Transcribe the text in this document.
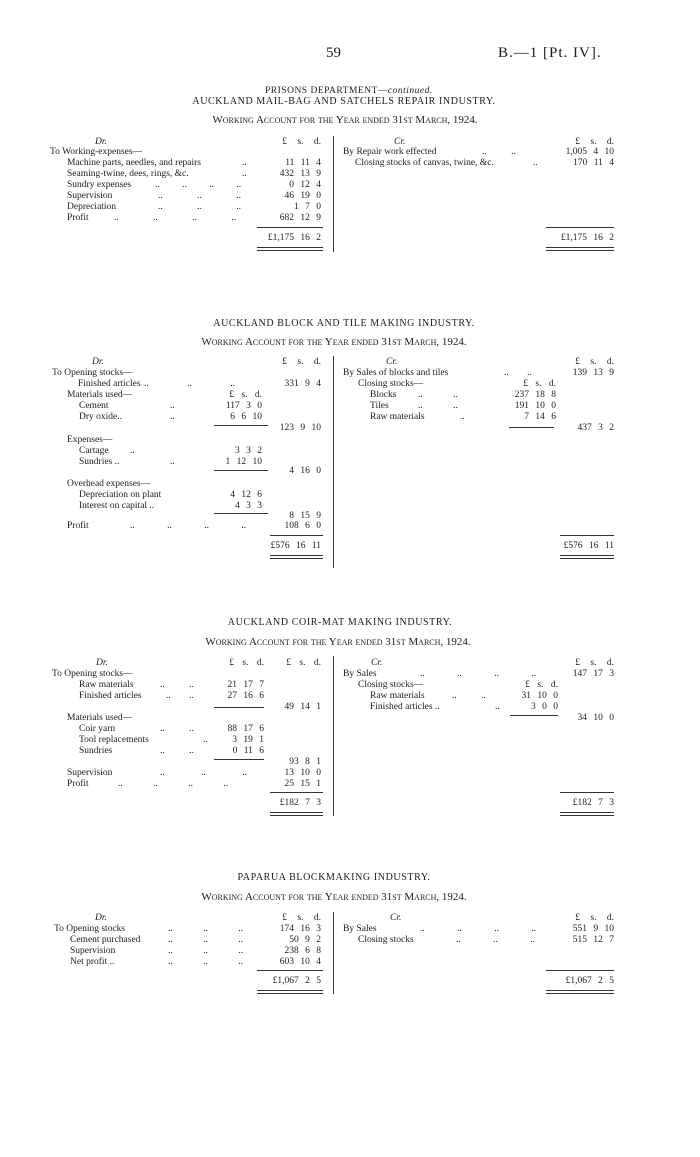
59	B.—1 [Pt. IV].

PRISONS DEPARTMENT—continued.

AUCKLAND MAIL-BAG AND SATCHELS REPAIR INDUSTRY.
Working Account for the Year ended 31st March, 1924.
Dr.	£ s. d.	Cr.	£ s. d.
To Working-expenses—
Machine parts, needles, and repairs	..	11 11 4
Seaming-twine, dees, rings, &c.	..	432 13 9
Sundry expenses	.. .. .. ..	0 12 4
Supervision	.. .. ..	46 19 0
Depreciation	.. .. ..	1 7 0
Profit	.. .. .. ..	682 12 9
£1,175 16 2
By Repair work effected	.. ..	1,005 4 10
Closing stocks of canvas, twine, &c.	..	170 11 4
£1,175 16 2
AUCKLAND BLOCK AND TILE MAKING INDUSTRY.
Working Account for the Year ended 31st March, 1924.
Dr.	£ s. d.	Cr.	£ s. d.
To Opening stocks—
Finished articles .. .. ..	331 9 4
Materials used—	£ s. d.
Cement	..	117 3 0
Dry oxide..	..	6 6 10
123 9 10
Expenses—
Cartage ..	3 3 2
Sundries ..	..	1 12 10
4 16 0
Overhead expenses—
Depreciation on plant	4 12 6
Interest on capital ..	4 3 3
8 15 9
Profit	.. .. .. ..	108 6 0
£576 16 11
By Sales of blocks and tiles	.. ..	139 13 9
Closing stocks—	£ s. d.
Blocks .. ..	237 18 8
Tiles	.. ..	191 10 0
Raw materials	..	7 14 6
437 3 2
£576 16 11
AUCKLAND COIR-MAT MAKING INDUSTRY.
Working Account for the Year ended 31st March, 1924.
Dr.	£ s. d. £ s. d.	Cr.	£ s. d.
To Opening stocks—
Raw materials	.. ..	21 17 7
Finished articles	.. ..	27 16 6
49 14 1
Materials used—
Coir yarn	.. ..	88 17 6
Tool replacements	..	3 19 1
Sundries	.. ..	0 11 6
93 8 1
Supervision	.. .. ..	13 10 0
Profit	.. .. .. ..	25 15 1
£182 7 3
By Sales	.. .. .. ..	147 17 3
Closing stocks—	£ s. d.
Raw materials	.. ..	31 10 0
Finished articles ..	..	3 0 0
34 10 0
£182 7 3
PAPARUA BLOCKMAKING INDUSTRY.
Working Account for the Year ended 31st March, 1924.
Dr.	£ s. d.	Cr.	£ s. d.
To Opening stocks	.. .. ..	174 16 3
Cement purchased	.. .. ..	50 9 2
Supervision	.. .. ..	238 6 8
Net profit ..	.. .. ..	603 10 4
£1,067 2 5
By Sales	.. .. .. ..	551 9 10
Closing stocks	.. .. ..	515 12 7
£1,067 2 5
